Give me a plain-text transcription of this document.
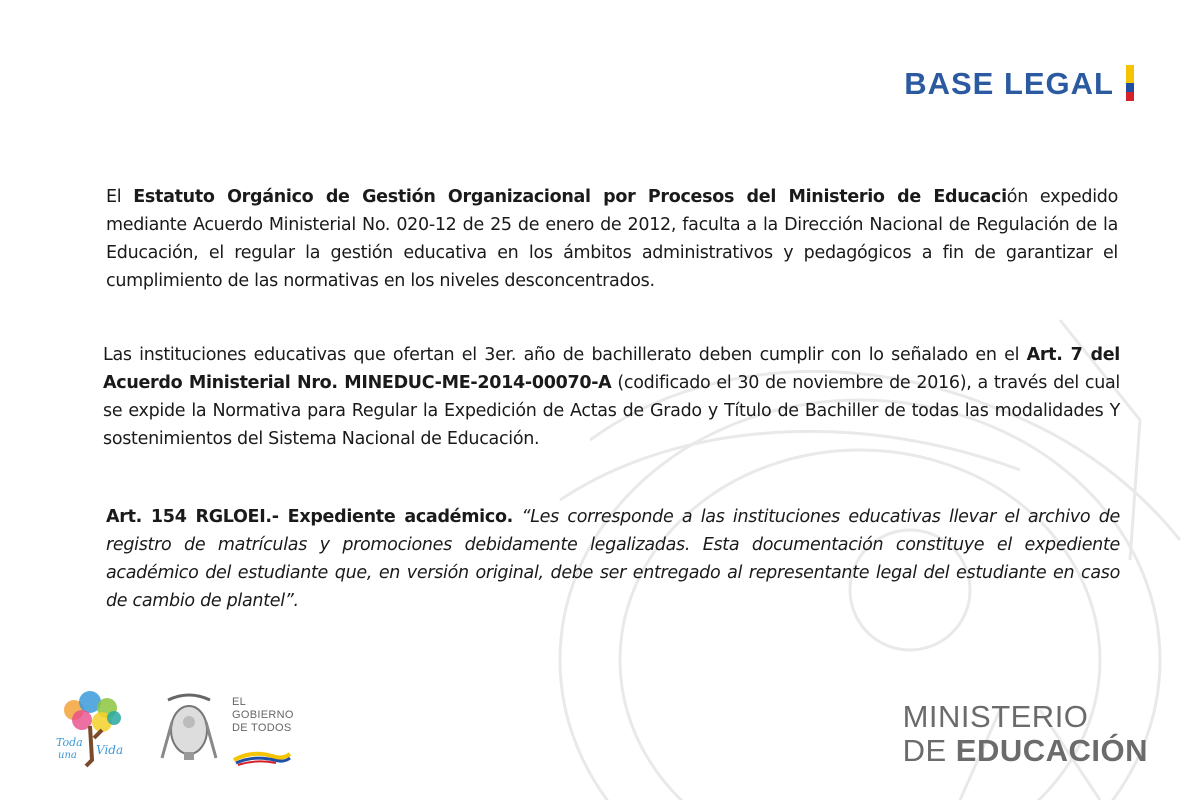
BASE LEGAL

El Estatuto Orgánico de Gestión Organizacional por Procesos del Ministerio de Educación expedido mediante Acuerdo Ministerial No. 020-12 de 25 de enero de 2012, faculta a la Dirección Nacional de Regulación de la Educación, el regular la gestión educativa en los ámbitos administrativos y pedagógicos a fin de garantizar el cumplimiento de las normativas en los niveles desconcentrados.

Las instituciones educativas que ofertan el 3er. año de bachillerato deben cumplir con lo señalado en el Art. 7 del Acuerdo Ministerial Nro. MINEDUC-ME-2014-00070-A (codificado el 30 de noviembre de 2016), a través del cual se expide la Normativa para Regular la Expedición de Actas de Grado y Título de Bachiller de todas las modalidades Y sostenimientos del Sistema Nacional de Educación.

Art. 154 RGLOEI.- Expediente académico. “Les corresponde a las instituciones educativas llevar el archivo de registro de matrículas y promociones debidamente legalizadas. Esta documentación constituye el expediente académico del estudiante que, en versión original, debe ser entregado al representante legal del estudiante en caso de cambio de plantel”.

Toda
una Vida
EL
GOBIERNO
DE TODOS	MINISTERIO
DE EDUCACIÓN
